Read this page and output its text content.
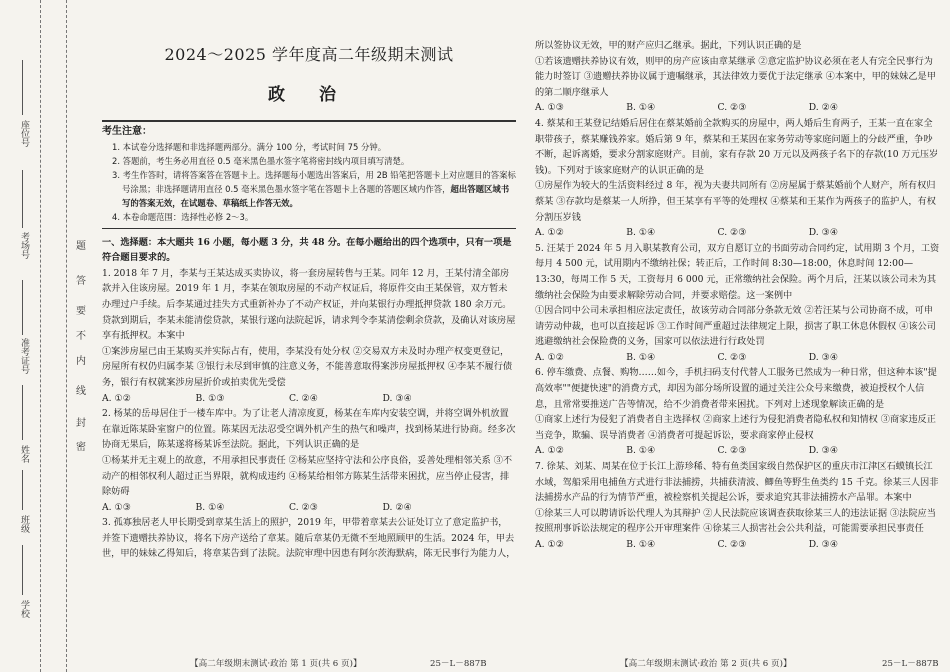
座位号
考场号
准考证号
姓名
班级
学校
题
答
要
不
内
线
封
密
2024～2025 学年度高二年级期末测试
政 治
考生注意：

1. 本试卷分选择题和非选择题两部分。满分 100 分，考试时间 75 分钟。

2. 答题前，考生务必用直径 0.5 毫米黑色墨水签字笔将密封线内项目填写清楚。

3. 考生作答时，请将答案答在答题卡上。选择题每小题选出答案后，用 2B 铅笔把答题卡上对应题目的答案标号涂黑；非选择题请用直径 0.5 毫米黑色墨水签字笔在答题卡上各题的答题区域内作答，超出答题区域书写的答案无效，在试题卷、草稿纸上作答无效。

4. 本卷命题范围：选择性必修 2～3。

一、选择题：本大题共 16 小题，每小题 3 分，共 48 分。在每小题给出的四个选项中，只有一项是符合题目要求的。

1. 2018 年 7 月，李某与王某达成买卖协议，将一套房屋转售与王某。同年 12 月，王某付清全部房款并入住该房屋。2019 年 1 月，李某在领取房屋的不动产权证后，将原件交由王某保管，双方暂未办理过户手续。后李某通过挂失方式重新补办了不动产权证，并向某银行办理抵押贷款 180 余万元。贷款到期后，李某未能清偿贷款，某银行遂向法院起诉，请求判令李某清偿剩余贷款，及确认对该房屋享有抵押权。本案中

①案涉房屋已由王某购买并实际占有，使用，李某没有处分权 ②交易双方未及时办理产权变更登记，房屋所有权仍归属李某 ③银行未尽到审慎的注意义务，不能善意取得案涉房屋抵押权 ④李某不履行债务，银行有权就案涉房屋折价或拍卖优先受偿

A. ①②	B. ①③	C. ②④	D. ③④

2. 杨某的岳母居住于一楼车库中。为了让老人清凉度夏，杨某在车库内安装空调，并将空调外机放置在靠近陈某卧室窗户的位置。陈某因无法忍受空调外机产生的热气和噪声，找到杨某进行协商。经多次协商无果后，陈某遂将杨某诉至法院。据此，下列认识正确的是

①杨某并无主观上的故意，不用承担民事责任 ②杨某应坚持守法和公序良俗，妥善处理相邻关系 ③不动产的相邻权利人超过正当界限，就构成违约 ④杨某给相邻方陈某生活带来困扰，应当停止侵害，排除妨碍

A. ①③	B. ①④	C. ②③	D. ②④

3. 孤寡独居老人甲长期受到章某生活上的照护，2019 年，甲带着章某去公证处订立了意定监护书，并签下遗赠扶养协议，将名下房产送给了章某。随后章某仍无微不至地照顾甲的生活。2024 年，甲去世，甲的妹妹乙得知后，将章某告到了法院。法院审理中因患有阿尔茨海默病，陈无民事行为能力人，

【高二年级期末测试·政治 第 1 页(共 6 页)】	25－L－887B

所以签协议无效，甲的财产应归乙继承。据此，下列认识正确的是

①若该遗赠扶养协议有效，则甲的房产应该由章某继承 ②意定监护协议必须在老人有完全民事行为能力时签订 ③遗赠扶养协议属于遗嘱继承，其法律效力要优于法定继承 ④本案中，甲的妹妹乙是甲的第二顺序继承人

A. ①③	B. ①④	C. ②③	D. ②④

4. 蔡某和王某登记结婚后居住在蔡某婚前全款购买的房屋中，两人婚后生育两子，王某一直在家全职带孩子，蔡某赚钱养家。婚后第 9 年，蔡某和王某因在家务劳动等家庭问题上的分歧严重，争吵不断，起诉离婚，要求分割家庭财产。目前，家有存款 20 万元以及两孩子名下的存款(10 万元压岁钱)。下列对于该家庭财产的认识正确的是

①房屋作为较大的生活资料经过 8 年，视为夫妻共同所有 ②房屋属于蔡某婚前个人财产，所有权归蔡某 ③存款均是蔡某一人所挣，但王某享有平等的处理权 ④蔡某和王某作为两孩子的监护人，有权分割压岁钱

A. ①②	B. ①④	C. ②③	D. ③④

5. 汪某于 2024 年 5 月入职某教育公司，双方自愿订立的书面劳动合同约定，试用期 3 个月，工资每月 4 500 元，试用期内不缴纳社保；转正后，工作时间 8:30—18:00，休息时间 12:00—13:30，每周工作 5 天，工资每月 6 000 元，正常缴纳社会保险。两个月后，汪某以该公司未为其缴纳社会保险为由要求解除劳动合同，并要求赔偿。这一案例中

①因合同中公司未承担相应法定责任，故该劳动合同部分条款无效 ②若汪某与公司协商不成，可申请劳动仲裁，也可以直接起诉 ③工作时间严重超过法律规定上限，损害了职工休息休假权 ④该公司逃避缴纳社会保险费的义务，国家可以依法进行行政处罚

A. ①②	B. ①④	C. ②③	D. ③④

6. 停车缴费、点餐、购物……如今，手机扫码支付代替人工服务已然成为一种日常，但这种本该"提高效率""便捷快速"的消费方式，却因为部分场所设置的通过关注公众号来缴费，被迫授权个人信息，且常常要推送广告等情况，给不少消费者带来困扰。下列对上述现象解读正确的是

①商家上述行为侵犯了消费者自主选择权 ②商家上述行为侵犯消费者隐私权和知情权 ③商家违反正当竞争，欺骗、误导消费者 ④消费者可提起诉讼，要求商家停止侵权

A. ①②	B. ①④	C. ②③	D. ③④

7. 徐某、刘某、周某在位于长江上游珍稀、特有鱼类国家级自然保护区的重庆市江津区石蟆镇长江水域，驾船采用电捕鱼方式进行非法捕捞，共捕获清波、鲫鱼等野生鱼类约 15 千克。徐某三人因非法捕捞水产品的行为情节严重，被检察机关提起公诉，要求追究其非法捕捞水产品罪。本案中

①徐某三人可以聘请诉讼代理人为其辩护 ②人民法院应该调查获取徐某三人的违法证据 ③法院应当按照刑事诉讼法规定的程序公开审理案件 ④徐某三人损害社会公共利益，可能需要承担民事责任

A. ①②	B. ①④	C. ②③	D. ③④
【高二年级期末测试·政治 第 2 页(共 6 页)】	25－L－887B
